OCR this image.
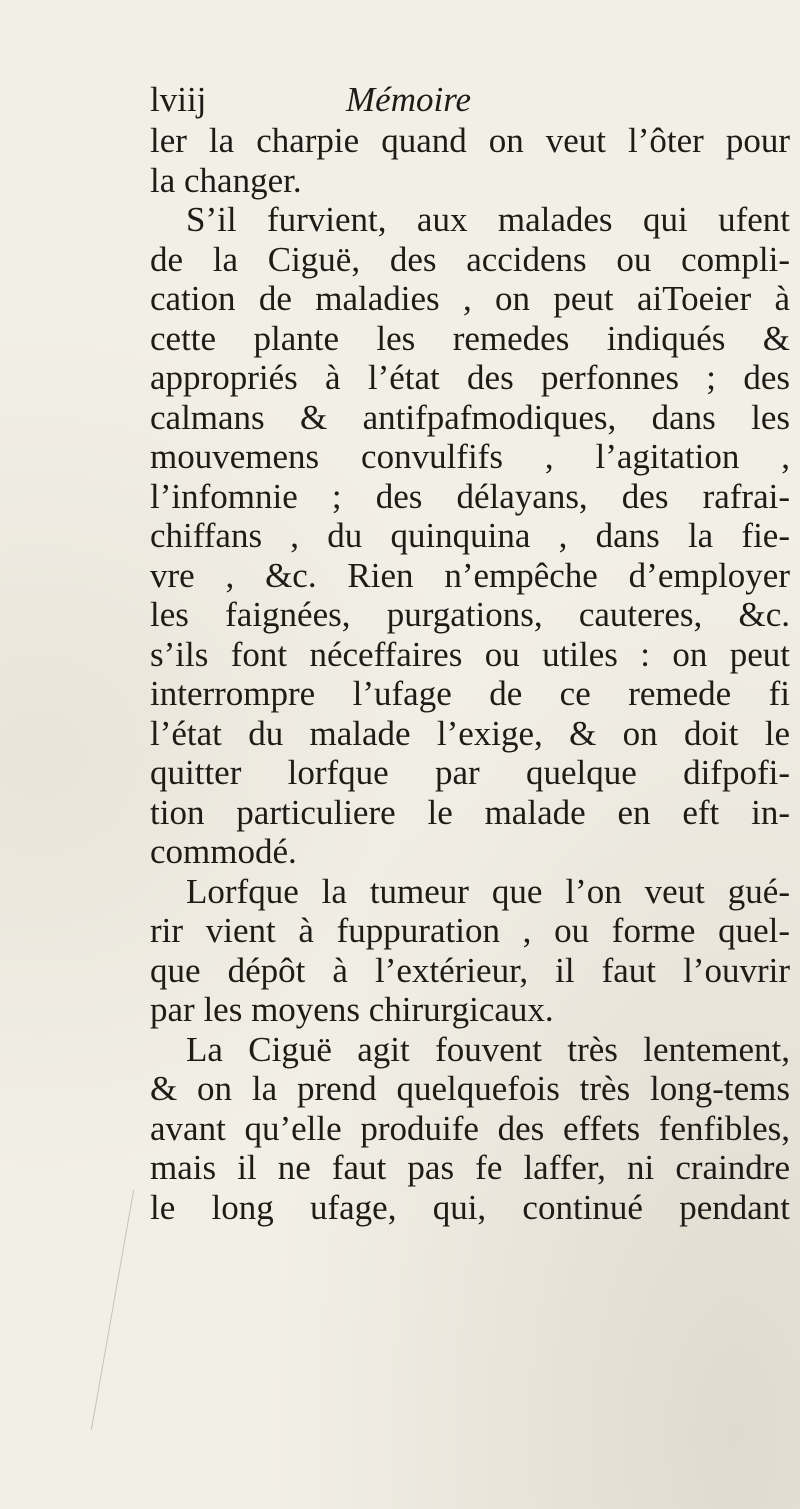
lviij	Mémoire
ler la charpie quand on veut l’ôter pour
la changer.
S’il furvient, aux malades qui ufent
de la Ciguë, des accidens ou compli-
cation de maladies , on peut aiToeier à
cette plante les remedes indiqués &
appropriés à l’état des perfonnes ; des
calmans & antifpafmodiques, dans les
mouvemens convulfifs , l’agitation ,
l’infomnie ; des délayans, des rafrai-
chiffans , du quinquina , dans la fie-
vre , &c. Rien n’empêche d’employer
les faignées, purgations, cauteres, &c.
s’ils font néceffaires ou utiles : on peut
interrompre l’ufage de ce remede fi
l’état du malade l’exige, & on doit le
quitter lorfque par quelque difpofi-
tion particuliere le malade en eft in-
commodé.
Lorfque la tumeur que l’on veut gué-
rir vient à fuppuration , ou forme quel-
que dépôt à l’extérieur, il faut l’ouvrir
par les moyens chirurgicaux.
La Ciguë agit fouvent très lentement,
& on la prend quelquefois très long-tems
avant qu’elle produife des effets fenfibles,
mais il ne faut pas fe laffer, ni craindre
le long ufage, qui, continué pendant
